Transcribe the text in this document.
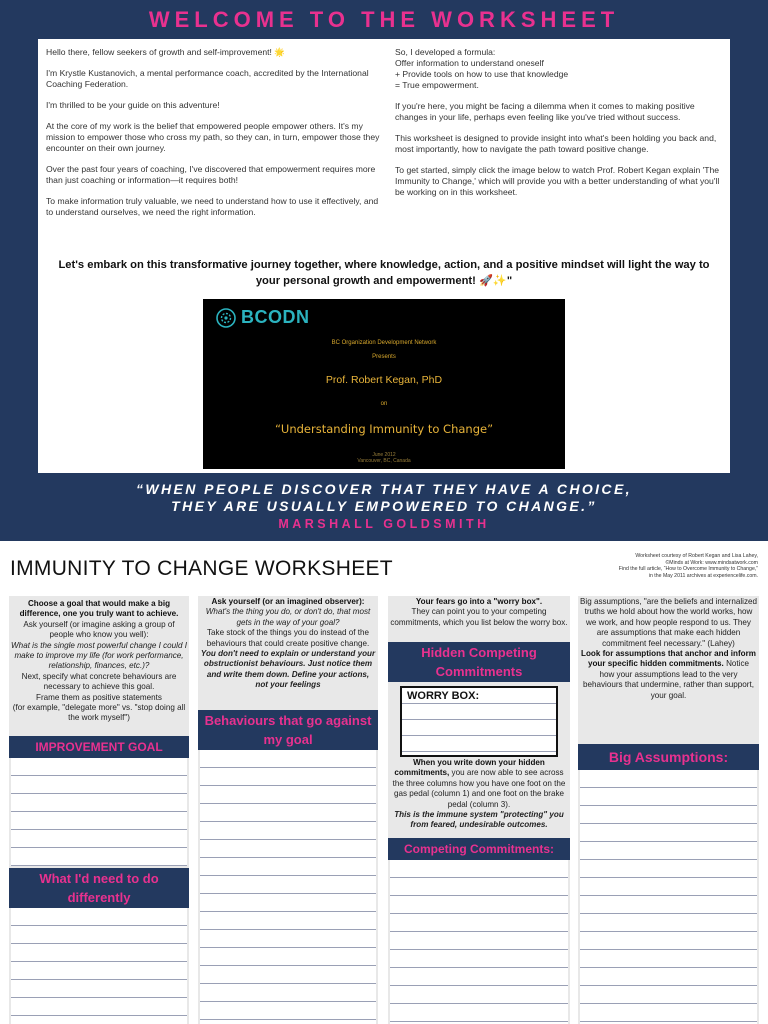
WELCOME TO THE WORKSHEET

Hello there, fellow seekers of growth and self-improvement! 🌟

I'm Krystle Kustanovich, a mental performance coach, accredited by the International Coaching Federation.

I'm thrilled to be your guide on this adventure!

At the core of my work is the belief that empowered people empower others. It's my mission to empower those who cross my path, so they can, in turn, empower those they encounter on their own journey.

Over the past four years of coaching, I've discovered that empowerment requires more than just coaching or information—it requires both!

To make information truly valuable, we need to understand how to use it effectively, and to understand ourselves, we need the right information.

So, I developed a formula:
Offer information to understand oneself
+ Provide tools on how to use that knowledge
= True empowerment.

If you're here, you might be facing a dilemma when it comes to making positive changes in your life, perhaps even feeling like you've tried without success.

This worksheet is designed to provide insight into what's been holding you back and, most importantly, how to navigate the path toward positive change.

To get started, simply click the image below to watch Prof. Robert Kegan explain 'The Immunity to Change,' which will provide you with a better understanding of what you'll be working on in this worksheet.

Let's embark on this transformative journey together, where knowledge, action, and a positive mindset will light the way to your personal growth and empowerment! 🚀✨"
BCODN
BC Organization Development Network
Presents
Prof. Robert Kegan, PhD
on
“Understanding Immunity to Change”
June 2012
Vancouver, BC, Canada
“WHEN PEOPLE DISCOVER THAT THEY HAVE A CHOICE,
THEY ARE USUALLY EMPOWERED TO CHANGE.”
MARSHALL GOLDSMITH
IMMUNITY TO CHANGE WORKSHEET
Worksheet courtesy of Robert Kegan and Lisa Lahey,
©Minds at Work: www.mindsatwork.com
Find the full article, “How to Overcome Immunity to Change,”
in the May 2011 archives at experiencelife.com.
Choose a goal that would make a big difference, one you truly want to achieve.
Ask yourself (or imagine asking a group of people who know you well):
What is the single most powerful change I could I make to improve my life (for work performance, relationship, finances, etc.)?
Next, specify what concrete behaviours are necessary to achieve this goal.
Frame them as positive statements
(for example, "delegate more" vs. "stop doing all the work myself")
IMPROVEMENT GOAL
What I'd need to do differently
Ask yourself (or an imagined observer):
What's the thing you do, or don't do, that most gets in the way of your goal?
Take stock of the things you do instead of the behaviours that could create positive change.
You don't need to explain or understand your obstructionist behaviours. Just notice them and write them down. Define your actions, not your feelings
Behaviours that go against my goal
Your fears go into a "worry box".
They can point you to your competing commitments, which you list below the worry box.
Hidden Competing Commitments
WORRY BOX:
When you write down your hidden commitments, you are now able to see across the three columns how you have one foot on the gas pedal (column 1) and one foot on the brake pedal (column 3).
This is the immune system "protecting" you from feared, undesirable outcomes.
Competing Commitments:
Big assumptions, "are the beliefs and internalized truths we hold about how the world works, how we work, and how people respond to us. They are assumptions that make each hidden commitment feel necessary." (Lahey)
Look for assumptions that anchor and inform your specific hidden commitments. Notice how your assumptions lead to the very behaviours that undermine, rather than support, your goal.
Big Assumptions:
